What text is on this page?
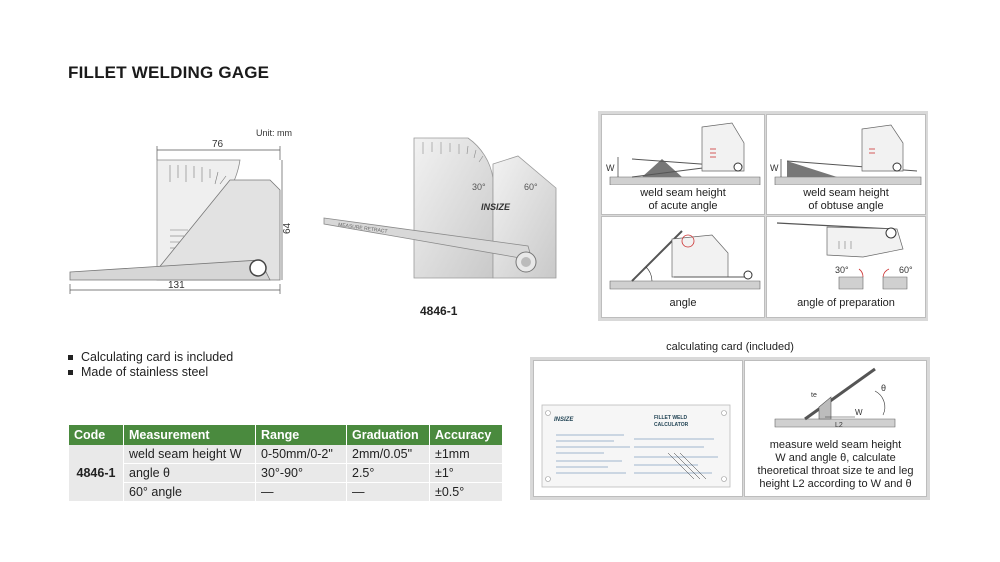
FILLET WELDING GAGE
Unit: mm
76
64
131
30°	60°
INSIZE
MEASURE RETRACT
4846-1
Calculating card is included
Made of stainless steel
Code	Measurement	Range	Graduation	Accuracy
4846-1	weld seam height W	0-50mm/0-2"	2mm/0.05"	±1mm
	angle θ	30°-90°	2.5°	±1°
	60° angle	—	—	±0.5°
W
weld seam height
of acute angle
W
weld seam height
of obtuse angle
angle
30°	60°
angle of preparation
calculating card (included)
INSIZE	FILLET WELD
CALCULATOR
θ
te
W
L2
measure weld seam height
W and angle θ, calculate
theoretical throat size te and leg
height L2 according to W and θ
